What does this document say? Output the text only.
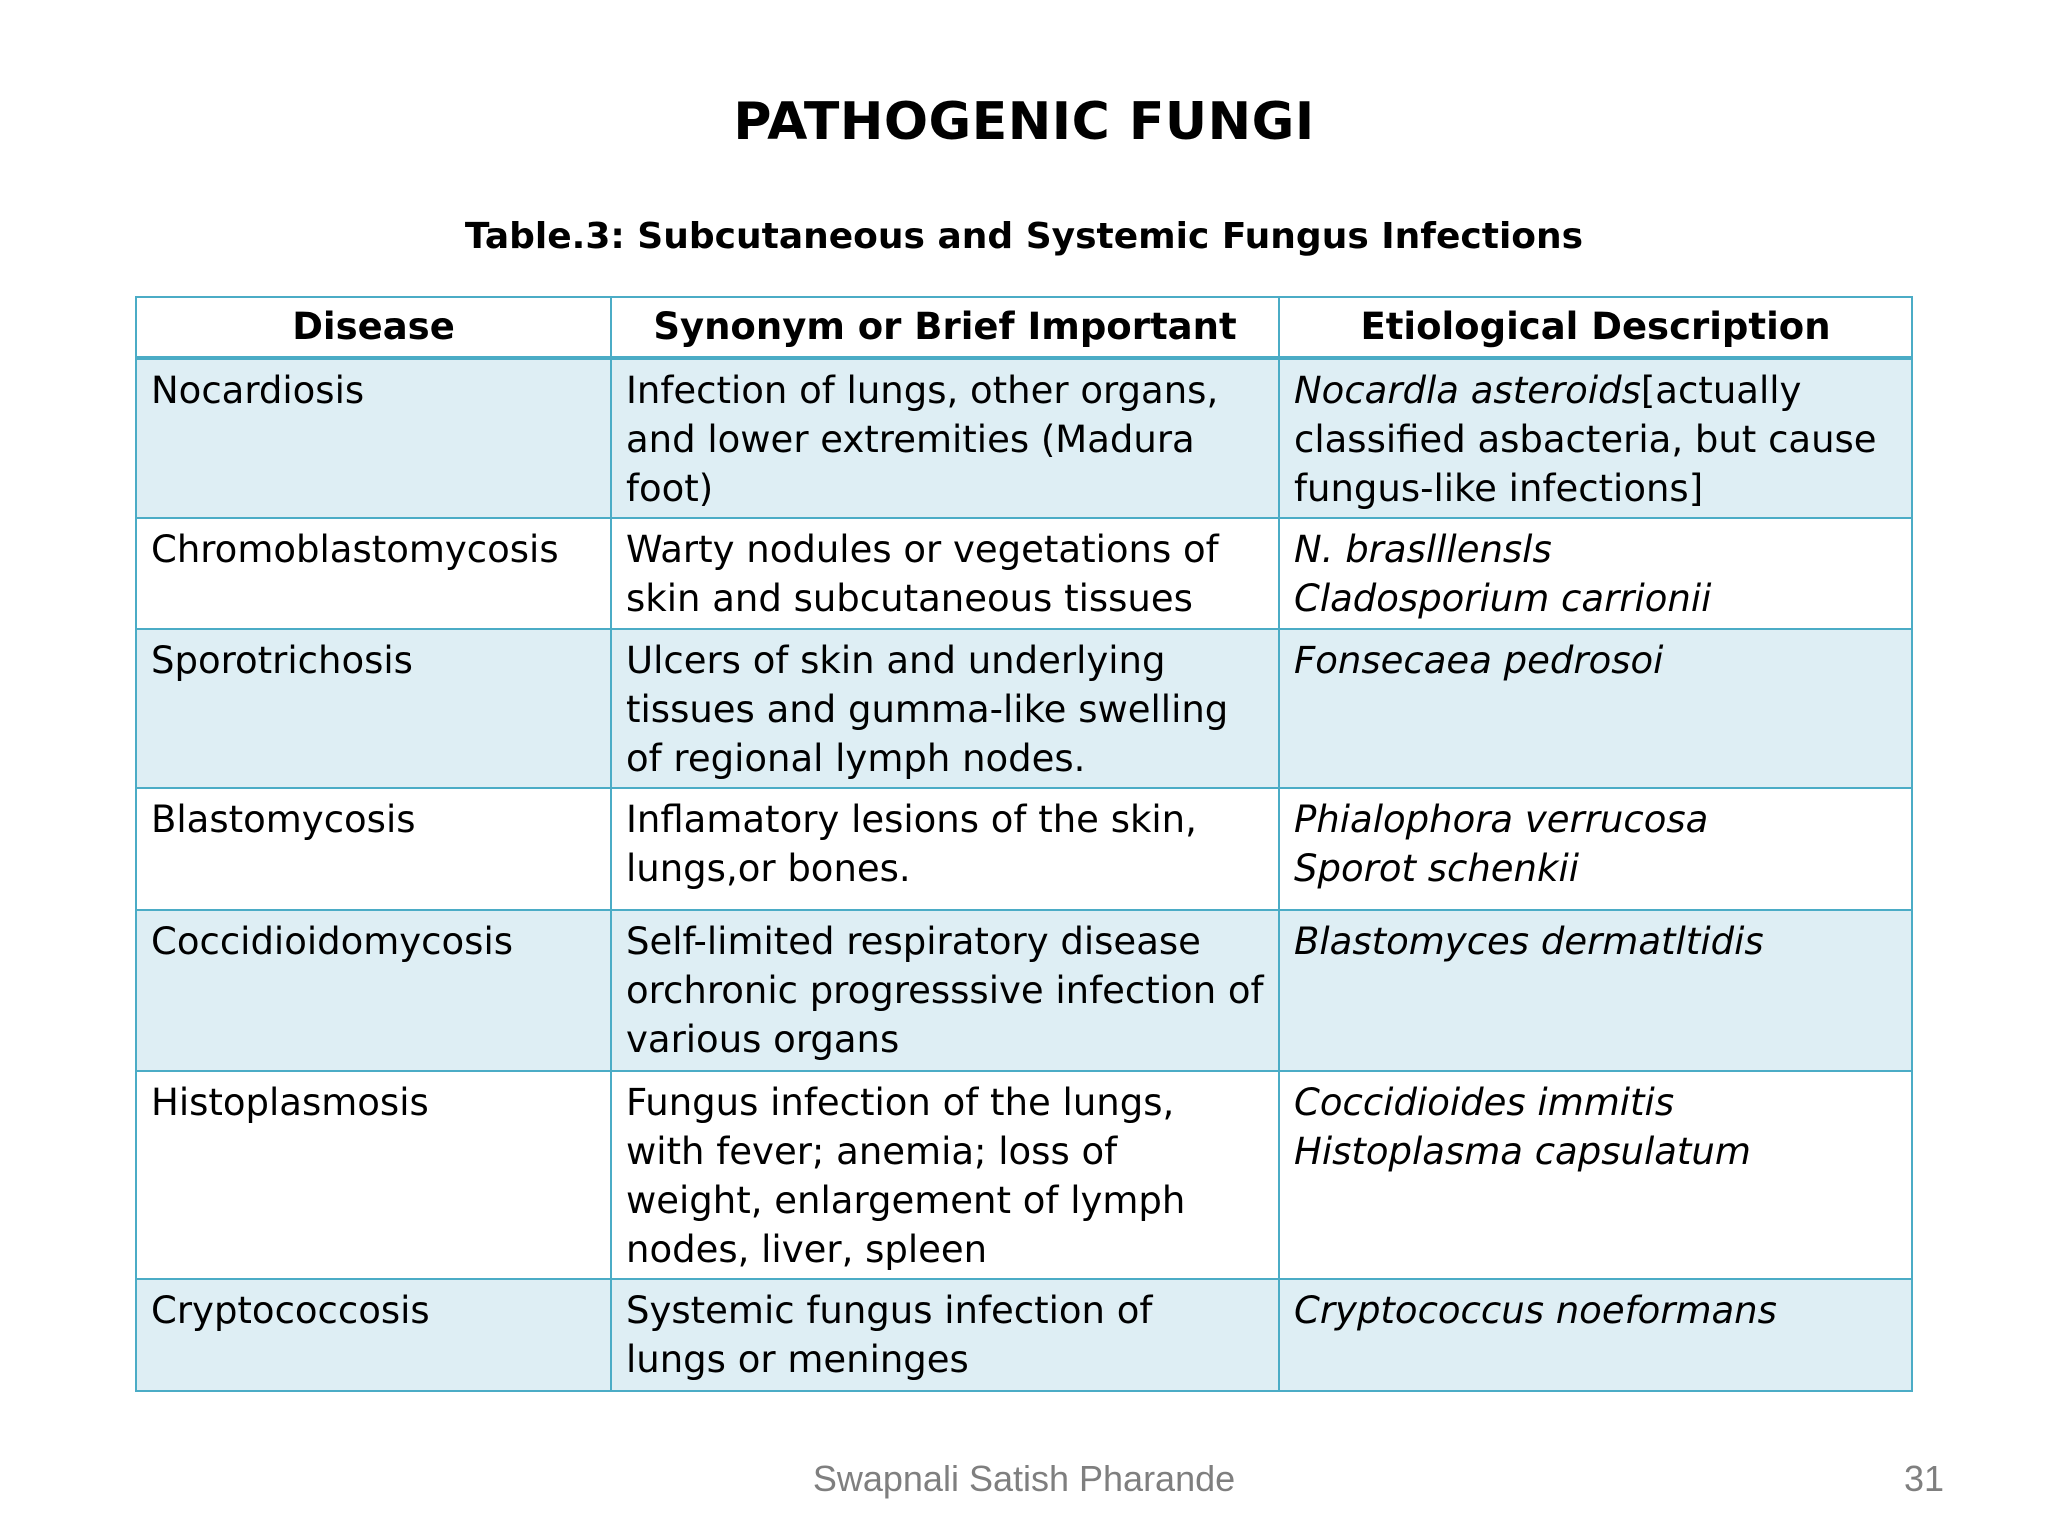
PATHOGENIC FUNGI
Table.3: Subcutaneous and Systemic Fungus Infections
Disease	Synonym or Brief Important	Etiological Description
Nocardiosis	Infection of lungs, other organs, and lower extremities (Madura foot)	Nocardla asteroids[actually classified asbacteria, but cause fungus-like infections]
Chromoblastomycosis	Warty nodules or vegetations of skin and subcutaneous tissues	N. braslllensls
Cladosporium carrionii

Sporotrichosis	Ulcers of skin and underlying tissues and gumma-like swelling of regional lymph nodes.	Fonsecaea pedrosoi

Blastomycosis	Inflamatory lesions of the skin, lungs,or bones.	Phialophora verrucosa
Sporot schenkii

Coccidioidomycosis	Self-limited respiratory disease orchronic progresssive infection of various organs	Blastomyces dermatltidis

Histoplasmosis	Fungus infection of the lungs, with fever; anemia; loss of weight, enlargement of lymph nodes, liver, spleen	Coccidioides immitis
Histoplasma capsulatum

Cryptococcosis	Systemic fungus infection of lungs or meninges	Cryptococcus noeformans
Swapnali Satish Pharande	31
